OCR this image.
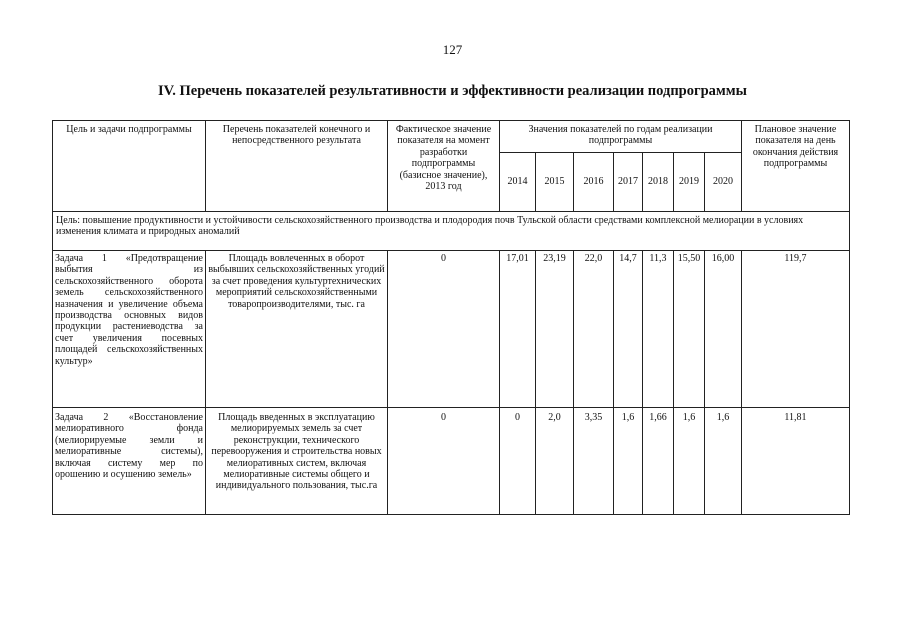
127
IV. Перечень показателей результативности и эффективности реализации подпрограммы
Цель и задачи подпрограммы	Перечень показателей конечного и непосредственного результата	Фактическое значение показателя на момент разработки подпрограммы (базисное значение), 2013 год	Значения показателей по годам реализации подпрограммы							Плановое значение показателя на день окончания действия подпрограммы
			2014	2015	2016	2017	2018	2019	2020	
Цель: повышение продуктивности и устойчивости сельскохозяйственного производства и плодородия почв Тульской области средствами комплексной мелиорации в условиях изменения климата и природных аномалий										
Задача 1 «Предотвращение выбытия из сельскохозяйственного оборота земель сельскохозяйственного назначения и увеличение объема производства основных видов продукции растениеводства за счет увеличения посевных площадей сельскохозяйственных культур»	Площадь вовлеченных в оборот выбывших сельскохозяйственных угодий за счет проведения культуртехнических мероприятий сельскохозяйственными товаропроизводителями, тыс. га	0	17,01	23,19	22,0	14,7	11,3	15,50	16,00	119,7
Задача 2 «Восстановление мелиоративного фонда (мелиорируемые земли и мелиоративные системы), включая систему мер по орошению и осушению земель»	Площадь введенных в эксплуатацию мелиорируемых земель за счет реконструкции, технического перевооружения и строительства новых мелиоративных систем, включая мелиоративные системы общего и индивидуального пользования, тыс.га	0	0	2,0	3,35	1,6	1,66	1,6	1,6	11,81
